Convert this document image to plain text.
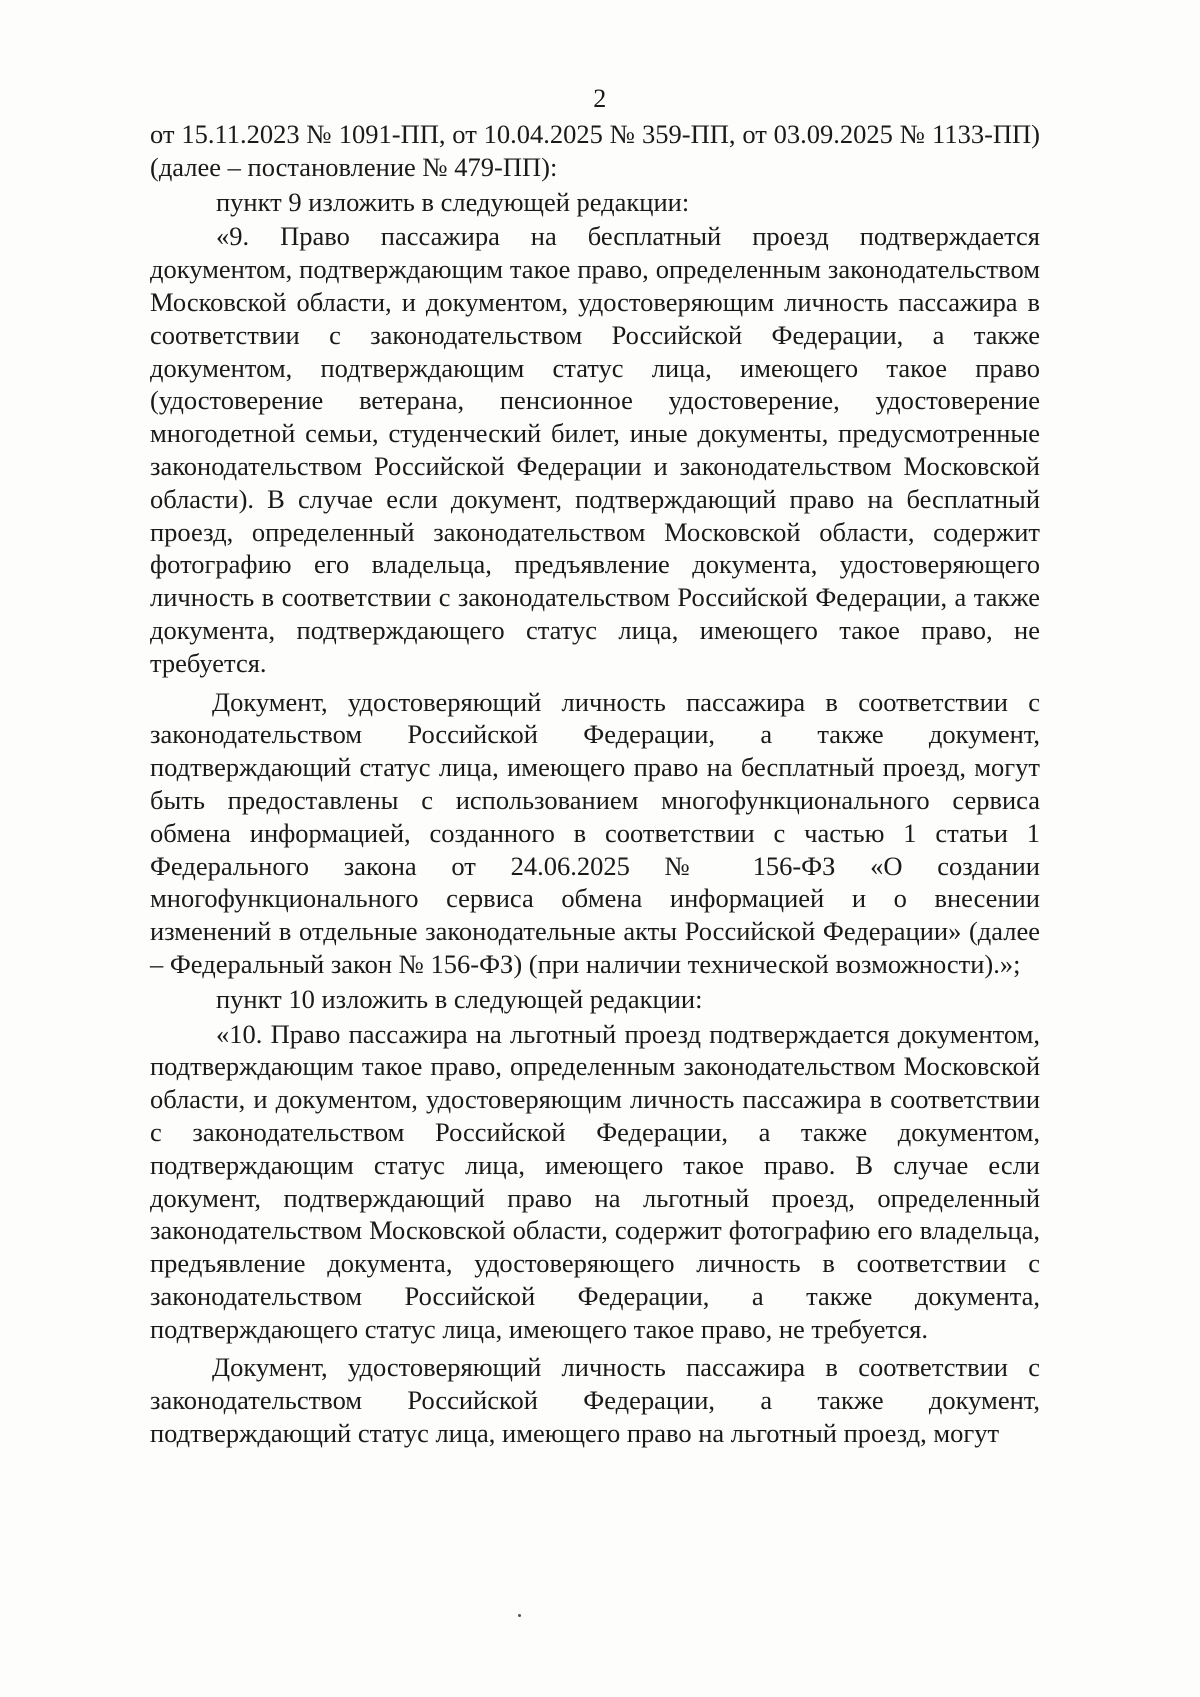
2

от 15.11.2023 № 1091-ПП, от 10.04.2025 № 359-ПП, от 03.09.2025 № 1133-ПП) (далее – постановление № 479-ПП):

пункт 9 изложить в следующей редакции:

«9. Право пассажира на бесплатный проезд подтверждается документом, подтверждающим такое право, определенным законодательством Московской области, и документом, удостоверяющим личность пассажира в соответствии с законодательством Российской Федерации, а также документом, подтверждающим статус лица, имеющего такое право (удостоверение ветерана, пенсионное удостоверение, удостоверение многодетной семьи, студенческий билет, иные документы, предусмотренные законодательством Российской Федерации и законодательством Московской области). В случае если документ, подтверждающий право на бесплатный проезд, определенный законодательством Московской области, содержит фотографию его владельца, предъявление документа, удостоверяющего личность в соответствии с законодательством Российской Федерации, а также документа, подтверждающего статус лица, имеющего такое право, не требуется.

Документ, удостоверяющий личность пассажира в соответствии с законодательством Российской Федерации, а также документ, подтверждающий статус лица, имеющего право на бесплатный проезд, могут быть предоставлены с использованием многофункционального сервиса обмена информацией, созданного в соответствии с частью 1 статьи 1 Федерального закона от 24.06.2025 № 156-ФЗ «О создании многофункционального сервиса обмена информацией и о внесении изменений в отдельные законодательные акты Российской Федерации» (далее – Федеральный закон № 156-ФЗ) (при наличии технической возможности).»;

пункт 10 изложить в следующей редакции:

«10. Право пассажира на льготный проезд подтверждается документом, подтверждающим такое право, определенным законодательством Московской области, и документом, удостоверяющим личность пассажира в соответствии с законодательством Российской Федерации, а также документом, подтверждающим статус лица, имеющего такое право. В случае если документ, подтверждающий право на льготный проезд, определенный законодательством Московской области, содержит фотографию его владельца, предъявление документа, удостоверяющего личность в соответствии с законодательством Российской Федерации, а также документа, подтверждающего статус лица, имеющего такое право, не требуется.

Документ, удостоверяющий личность пассажира в соответствии с законодательством Российской Федерации, а также документ, подтверждающий статус лица, имеющего право на льготный проезд, могут
